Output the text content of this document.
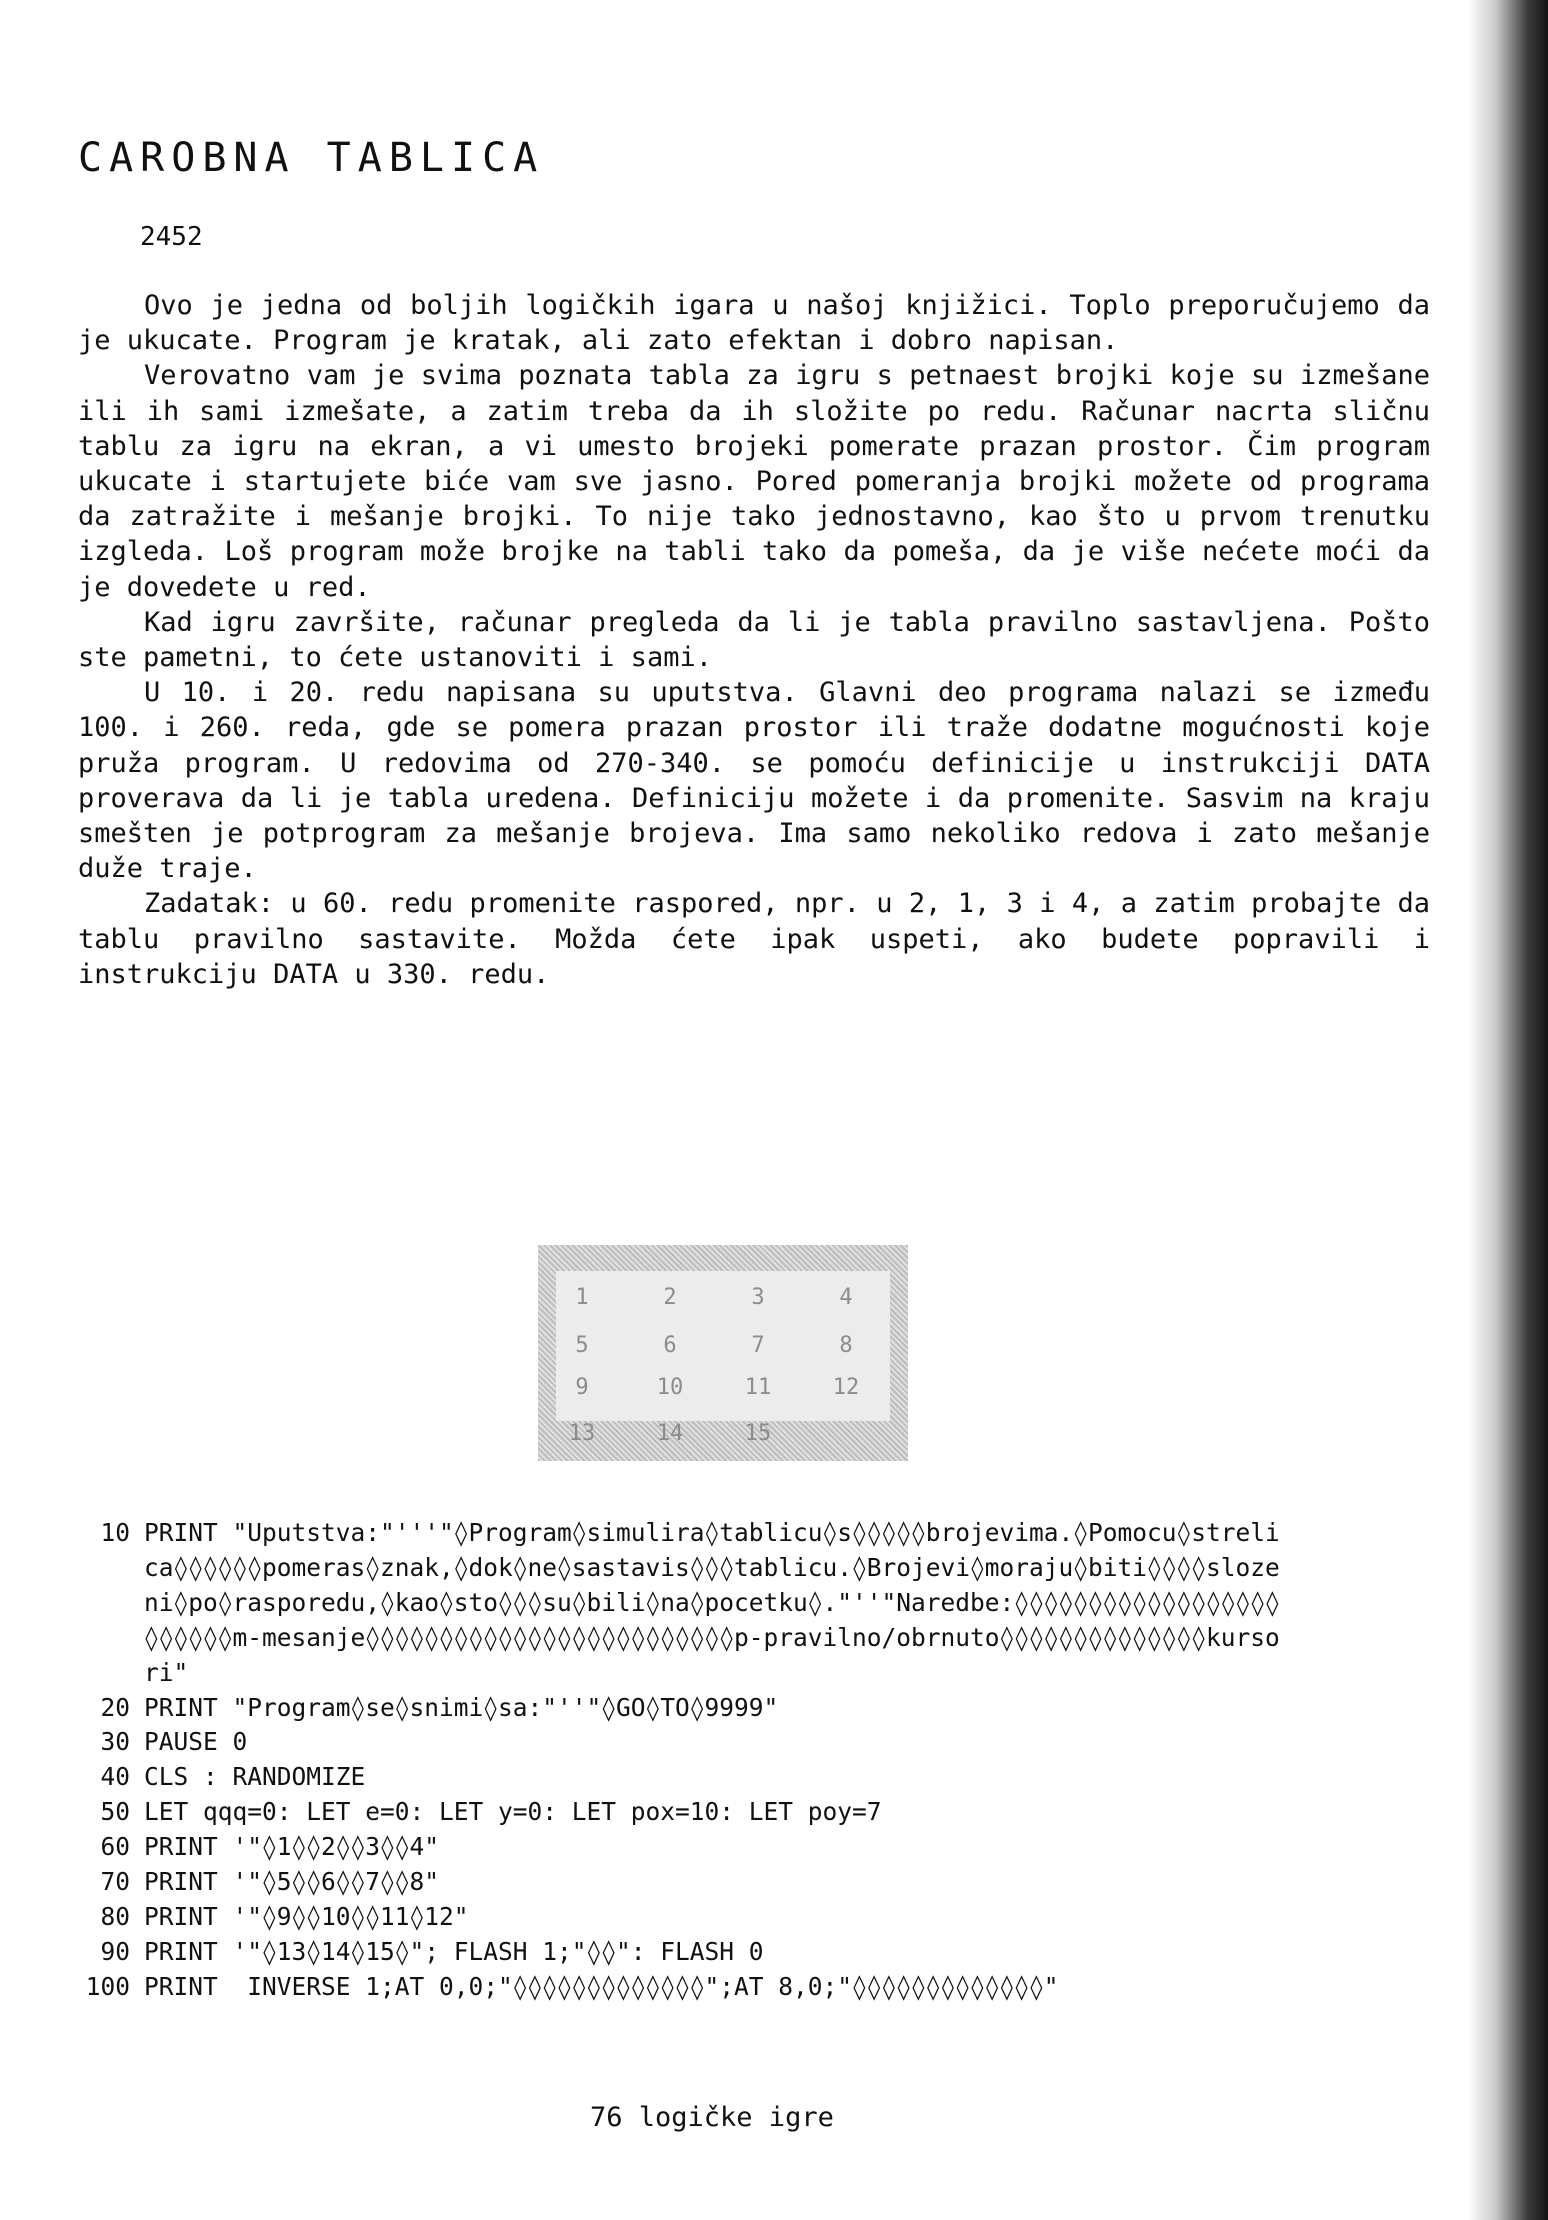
CAROBNA TABLICA
2452

Ovo je jedna od boljih logičkih igara u našoj knjižici. Toplo preporučujemo da je ukucate. Program je kratak, ali zato efektan i dobro napisan.

Verovatno vam je svima poznata tabla za igru s petnaest brojki koje su izmešane ili ih sami izmešate, a zatim treba da ih složite po redu. Računar nacrta sličnu tablu za igru na ekran, a vi umesto brojeki pomerate prazan prostor. Čim program ukucate i startujete biće vam sve jasno. Pored pomeranja brojki možete od programa da zatražite i mešanje brojki. To nije tako jednostavno, kao što u prvom trenutku izgleda. Loš program može brojke na tabli tako da pomeša, da je više nećete moći da je dovedete u red.

Kad igru završite, računar pregleda da li je tabla pravilno sastavljena. Pošto ste pametni, to ćete ustanoviti i sami.

U 10. i 20. redu napisana su uputstva. Glavni deo programa nalazi se između 100. i 260. reda, gde se pomera prazan prostor ili traže dodatne mogućnosti koje pruža program. U redovima od 270-340. se pomoću definicije u instrukciji DATA proverava da li je tabla uredena. Definiciju možete i da promenite. Sasvim na kraju smešten je potprogram za mešanje brojeva. Ima samo nekoliko redova i zato mešanje duže traje.

Zadatak: u 60. redu promenite raspored, npr. u 2, 1, 3 i 4, a zatim probajte da tablu pravilno sastavite. Možda ćete ipak uspeti, ako budete popravili i instrukciju DATA u 330. redu.

1	2	3	4
5	6	7	8
9	10	11	12
13	14	15
10 PRINT "Uputstva:"'''"◊Program◊simulira◊tablicu◊s◊◊◊◊◊brojevima.◊Pomocu◊strelica◊◊◊◊◊◊pomeras◊znak,◊dok◊ne◊sastavis◊◊◊tablicu.◊Brojevi◊moraju◊biti◊◊◊◊slozeni◊po◊rasporedu,◊kao◊sto◊◊◊su◊bili◊na◊pocetku◊."''"Naredbe:◊◊◊◊◊◊◊◊◊◊◊◊◊◊◊◊◊◊◊◊◊◊◊◊m-mesanje◊◊◊◊◊◊◊◊◊◊◊◊◊◊◊◊◊◊◊◊◊◊◊◊◊p-pravilno/obrnuto◊◊◊◊◊◊◊◊◊◊◊◊◊◊kursori"
20 PRINT "Program◊se◊snimi◊sa:"''"◊GO◊TO◊9999"
30 PAUSE 0
40 CLS : RANDOMIZE
50 LET qqq=0: LET e=0: LET y=0: LET pox=10: LET poy=7
60 PRINT '"◊1◊◊2◊◊3◊◊4"
70 PRINT '"◊5◊◊6◊◊7◊◊8"
80 PRINT '"◊9◊◊10◊◊11◊12"
90 PRINT '"◊13◊14◊15◊"; FLASH 1;"◊◊": FLASH 0
100 PRINT  INVERSE 1;AT 0,0;"◊◊◊◊◊◊◊◊◊◊◊◊◊";AT 8,0;"◊◊◊◊◊◊◊◊◊◊◊◊◊"
76 logičke igre
